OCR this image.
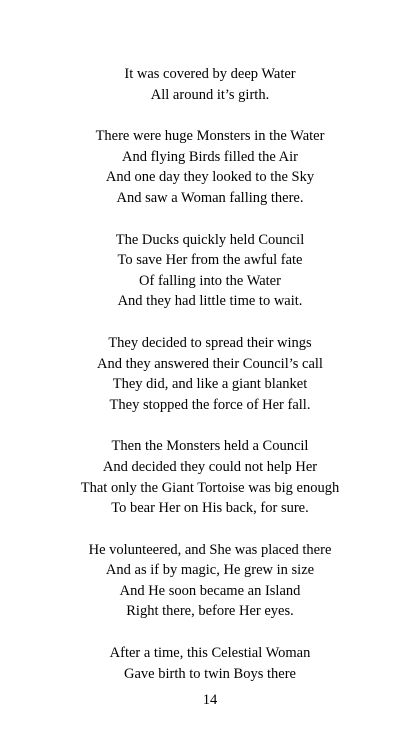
It was covered by deep Water
All around it’s girth.
There were huge Monsters in the Water
And flying Birds filled the Air
And one day they looked to the Sky
And saw a Woman falling there.
The Ducks quickly held Council
To save Her from the awful fate
Of falling into the Water
And they had little time to wait.
They decided to spread their wings
And they answered their Council’s call
They did, and like a giant blanket
They stopped the force of Her fall.
Then the Monsters held a Council
And decided they could not help Her
That only the Giant Tortoise was big enough
To bear Her on His back, for sure.
He volunteered, and She was placed there
And as if by magic, He grew in size
And He soon became an Island
Right there, before Her eyes.
After a time, this Celestial Woman
Gave birth to twin Boys there
14
